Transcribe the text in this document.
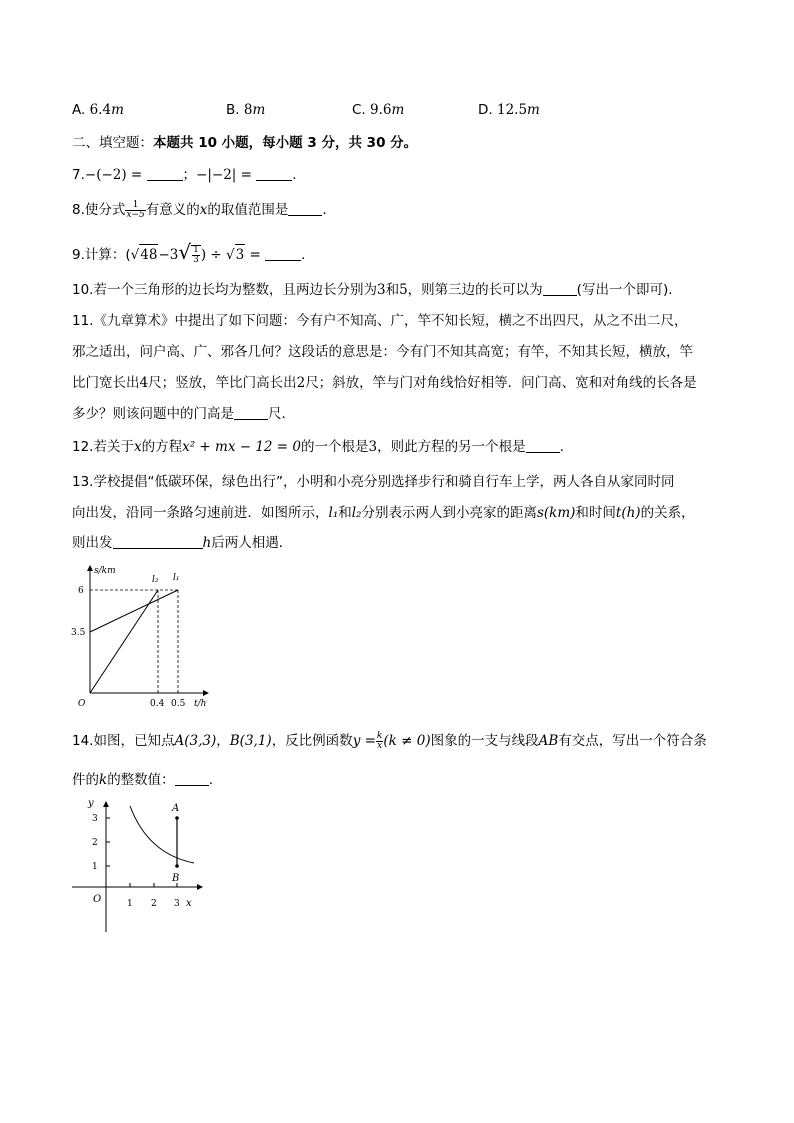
A. 6.4m	B. 8m	C. 9.6m	D. 12.5m
二、填空题：本题共 10 小题，每小题 3 分，共 30 分。
7.−(−2) =	；−|−2| =	.
8.使分式 $\frac{1}{x-5}$ 有意义的x的取值范围是	.
9.计算：($√48-3√ \frac{1}{3}$ ) ÷ √3 =	.
10.若一个三角形的边长均为整数，且两边长分别为3和5，则第三边的长可以为	(写出一个即可).
11.《九章算术》中提出了如下问题：今有户不知高、广，竿不知长短，横之不出四尺，从之不出二尺，
邪之适出，问户高、广、邪各几何？这段话的意思是：今有门不知其高宽；有竿，不知其长短，横放，竿
比门宽长出4尺；竖放，竿比门高长出2尺；斜放，竿与门对角线恰好相等．问门高、宽和对角线的长各是
多少？则该问题中的门高是	尺．
12.若关于x的方程x² + mx − 12 = 0的一个根是3，则此方程的另一个根是	.
13.学校提倡“低碳环保，绿色出行”，小明和小亮分别选择步行和骑自行车上学，两人各自从家同时同
向出发，沿同一条路匀速前进．如图所示，l₁和l₂分别表示两人到小亮家的距离s(km)和时间t(h)的关系，
则出发	h后两人相遇．
s/km
t/h
O
6
3.5
0.4 0.5
l₂ l₁
14.如图，已知点A(3,3)，B(3,1)，反比例函数$y = \frac{k}{x} (k \ne 0)$图象的一支与线段AB有交点，写出一个符合条
件的k的整数值：	.
y
x
O	1 2 3
3
2
1
A
B
